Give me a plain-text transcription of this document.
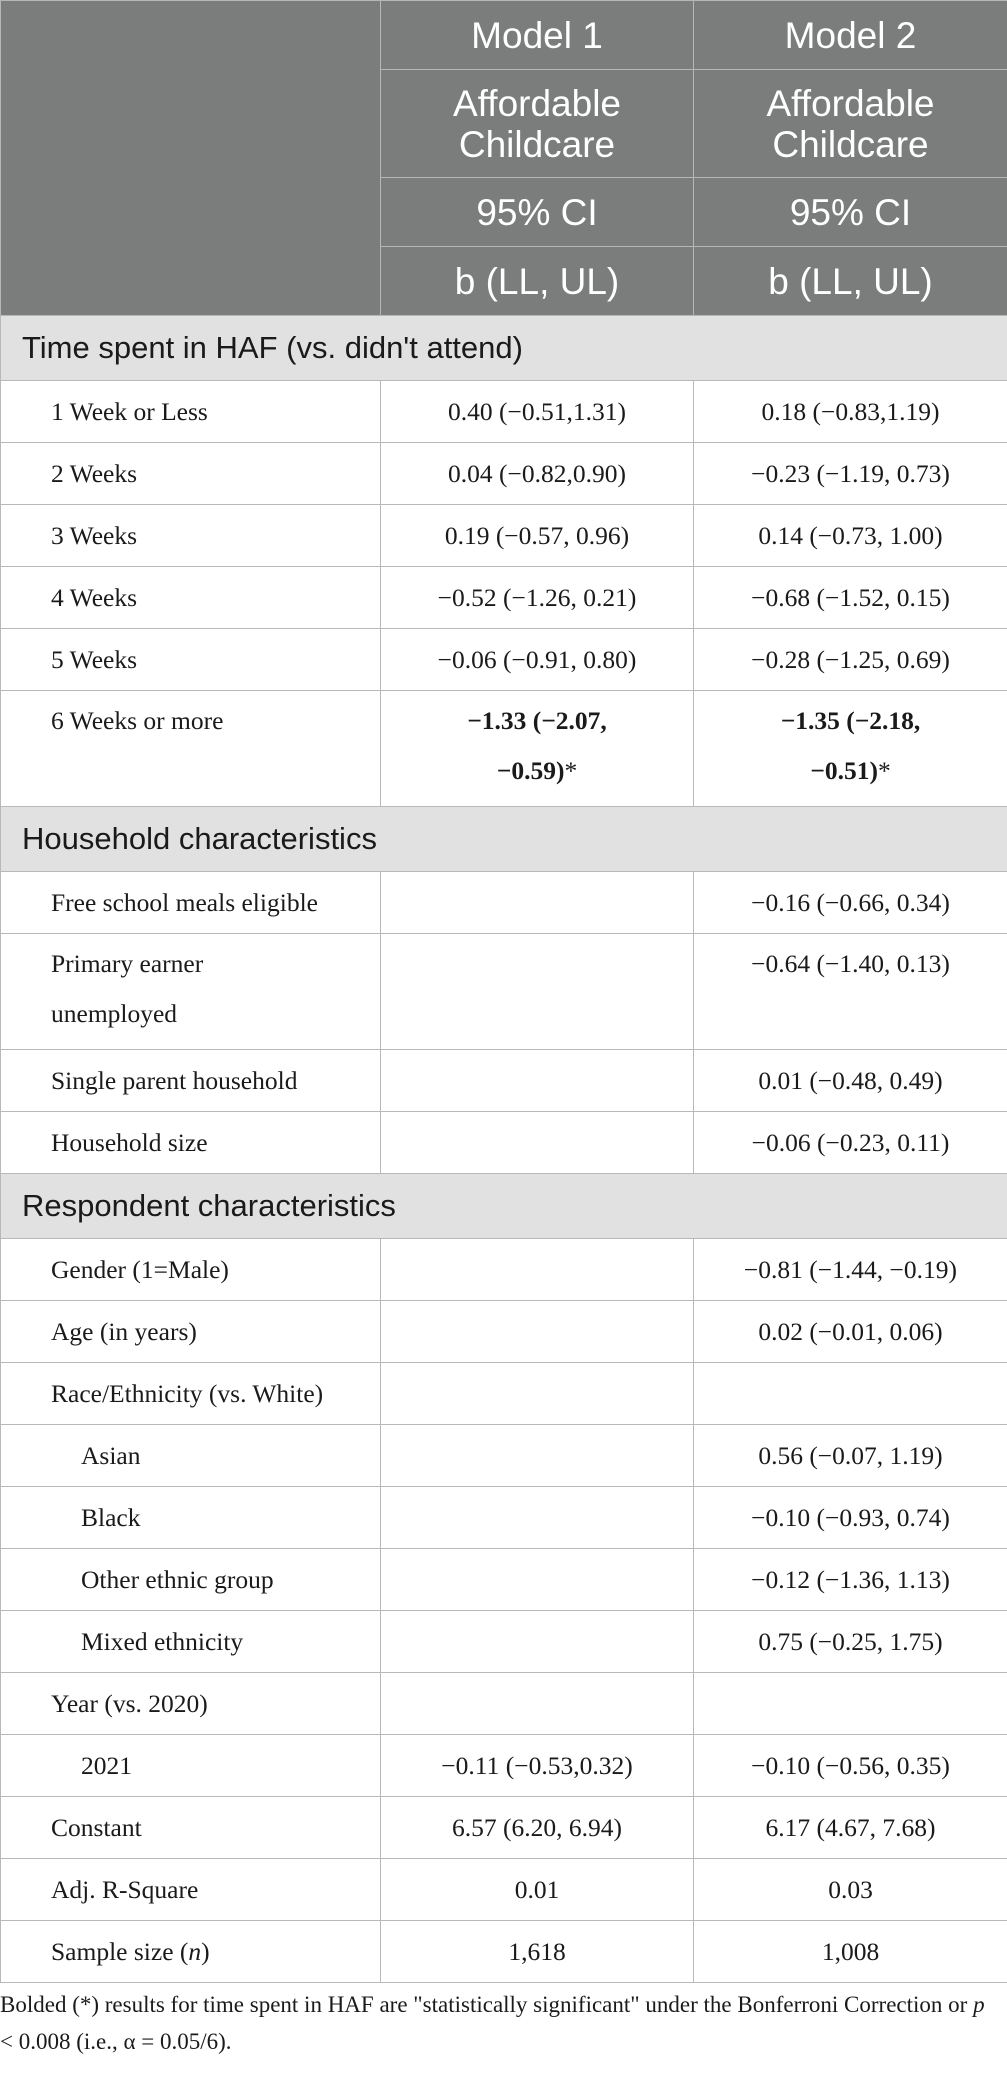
	Model 1	Model 2
	Affordable Childcare	Affordable Childcare
	95% CI	95% CI
	b (LL, UL)	b (LL, UL)
Time spent in HAF (vs. didn't attend)		
1 Week or Less	0.40 (−0.51,1.31)	0.18 (−0.83,1.19)
2 Weeks	0.04 (−0.82,0.90)	−0.23 (−1.19, 0.73)
3 Weeks	0.19 (−0.57, 0.96)	0.14 (−0.73, 1.00)
4 Weeks	−0.52 (−1.26, 0.21)	−0.68 (−1.52, 0.15)
5 Weeks	−0.06 (−0.91, 0.80)	−0.28 (−1.25, 0.69)
6 Weeks or more	−1.33 (−2.07, −0.59)*	−1.35 (−2.18, −0.51)*
Household characteristics		
Free school meals eligible		−0.16 (−0.66, 0.34)
Primary earner unemployed		−0.64 (−1.40, 0.13)
Single parent household		0.01 (−0.48, 0.49)
Household size		−0.06 (−0.23, 0.11)
Respondent characteristics		
Gender (1=Male)		−0.81 (−1.44, −0.19)
Age (in years)		0.02 (−0.01, 0.06)
Race/Ethnicity (vs. White)		
Asian		0.56 (−0.07, 1.19)
Black		−0.10 (−0.93, 0.74)
Other ethnic group		−0.12 (−1.36, 1.13)
Mixed ethnicity		0.75 (−0.25, 1.75)
Year (vs. 2020)		
2021	−0.11 (−0.53,0.32)	−0.10 (−0.56, 0.35)
Constant	6.57 (6.20, 6.94)	6.17 (4.67, 7.68)
Adj. R-Square	0.01	0.03
Sample size (n)	1,618	1,008
Bolded (*) results for time spent in HAF are "statistically significant" under the Bonferroni Correction or p < 0.008 (i.e., α = 0.05/6).
